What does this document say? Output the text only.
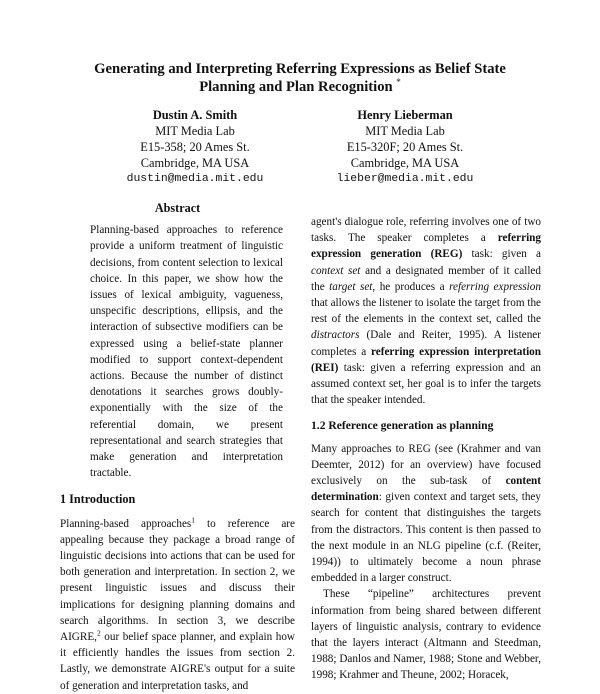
Generating and Interpreting Referring Expressions as Belief State
Planning and Plan Recognition *
Dustin A. Smith
MIT Media Lab
E15-358; 20 Ames St.
Cambridge, MA USA
dustin@media.mit.edu
Henry Lieberman
MIT Media Lab
E15-320F; 20 Ames St.
Cambridge, MA USA
lieber@media.mit.edu
Abstract
Planning-based approaches to reference provide a uniform treatment of linguistic decisions, from content selection to lexical choice. In this paper, we show how the issues of lexical ambiguity, vagueness, unspecific descriptions, ellipsis, and the interaction of subsective modifiers can be expressed using a belief-state planner modified to support context-dependent actions. Because the number of distinct denotations it searches grows doubly-exponentially with the size of the referential domain, we present representational and search strategies that make generation and interpretation tractable.
1 Introduction
Planning-based approaches$^1$ to reference are appealing because they package a broad range of linguistic decisions into actions that can be used for both generation and interpretation. In section 2, we present linguistic issues and discuss their implications for designing planning domains and search algorithms. In section 3, we describe AIGRE,$^2$ our belief space planner, and explain how it efficiently handles the issues from section 2. Lastly, we demonstrate AIGRE's output for a suite of generation and interpretation tasks, and
agent's dialogue role, referring involves one of two tasks. The speaker completes a referring expression generation (REG) task: given a context set and a designated member of it called the target set, he produces a referring expression that allows the listener to isolate the target from the rest of the elements in the context set, called the distractors (Dale and Reiter, 1995). A listener completes a referring expression interpretation (REI) task: given a referring expression and an assumed context set, her goal is to infer the targets that the speaker intended.
1.2 Reference generation as planning
Many approaches to REG (see (Krahmer and van Deemter, 2012) for an overview) have focused exclusively on the sub-task of content determination: given context and target sets, they search for content that distinguishes the targets from the distractors. This content is then passed to the next module in an NLG pipeline (c.f. (Reiter, 1994)) to ultimately become a noun phrase embedded in a larger construct.
These “pipeline” architectures prevent information from being shared between different layers of linguistic analysis, contrary to evidence that the layers interact (Altmann and Steedman, 1988; Danlos and Namer, 1988; Stone and Webber, 1998; Krahmer and Theune, 2002; Horacek,
